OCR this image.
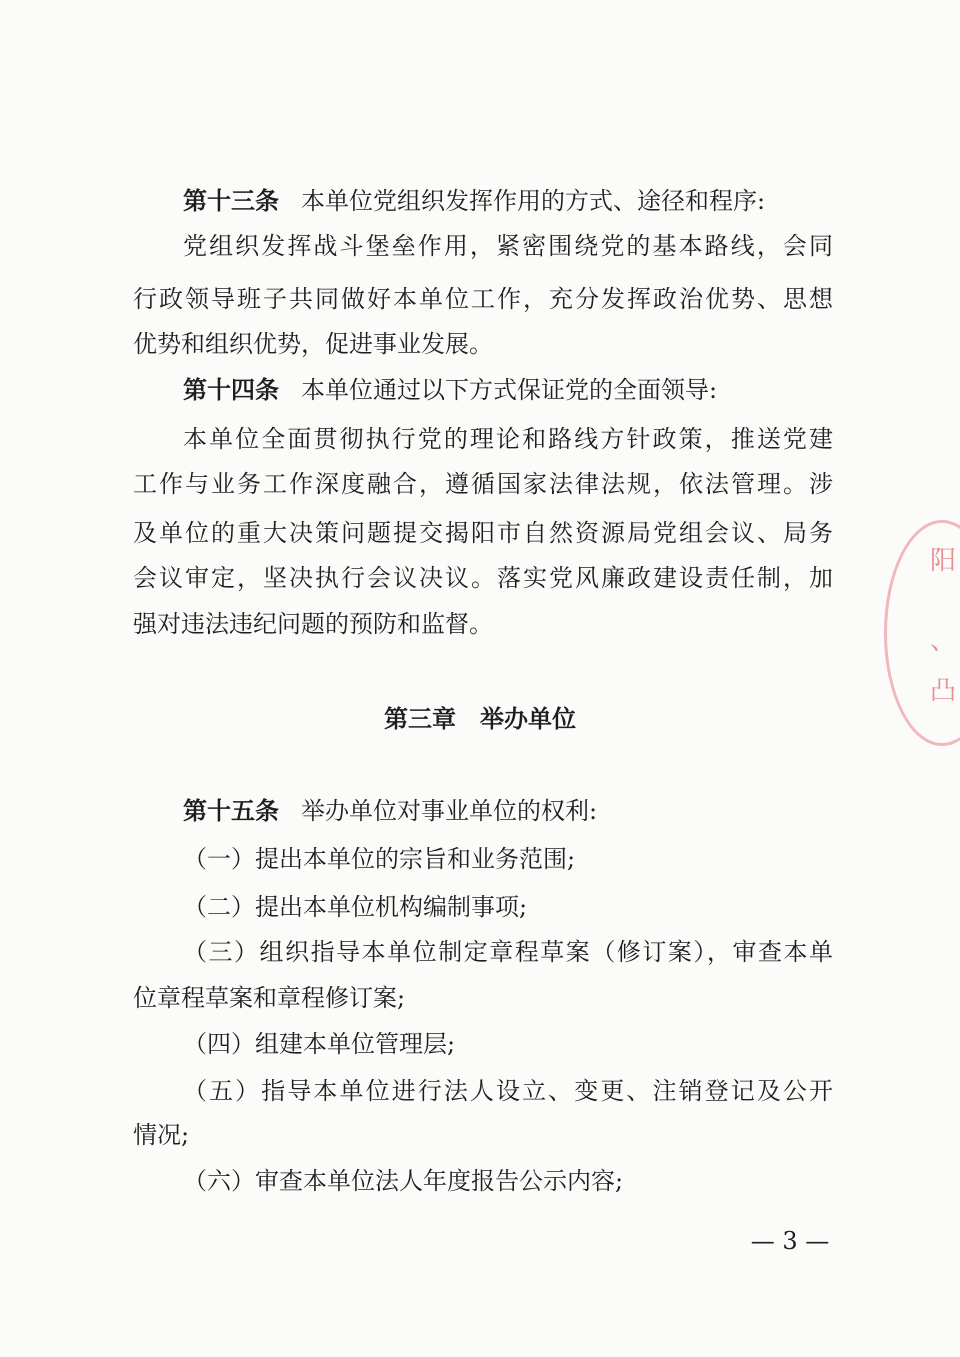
第十三条 本单位党组织发挥作用的方式、途径和程序:
党组织发挥战斗堡垒作用，紧密围绕党的基本路线，会同
行政领导班子共同做好本单位工作，充分发挥政治优势、思想
优势和组织优势，促进事业发展。
第十四条 本单位通过以下方式保证党的全面领导:
本单位全面贯彻执行党的理论和路线方针政策，推送党建
工作与业务工作深度融合，遵循国家法律法规，依法管理。涉
及单位的重大决策问题提交揭阳市自然资源局党组会议、局务
会议审定，坚决执行会议决议。落实党风廉政建设责任制，加
强对违法违纪问题的预防和监督。
第三章　举办单位
第十五条 举办单位对事业单位的权利:
（一）提出本单位的宗旨和业务范围;
（二）提出本单位机构编制事项;
（三）组织指导本单位制定章程草案（修订案），审查本单
位章程草案和章程修订案;
（四）组建本单位管理层;
（五）指导本单位进行法人设立、变更、注销登记及公开
情况;
（六）审查本单位法人年度报告公示内容;
— 3 —
阳
、
凸
